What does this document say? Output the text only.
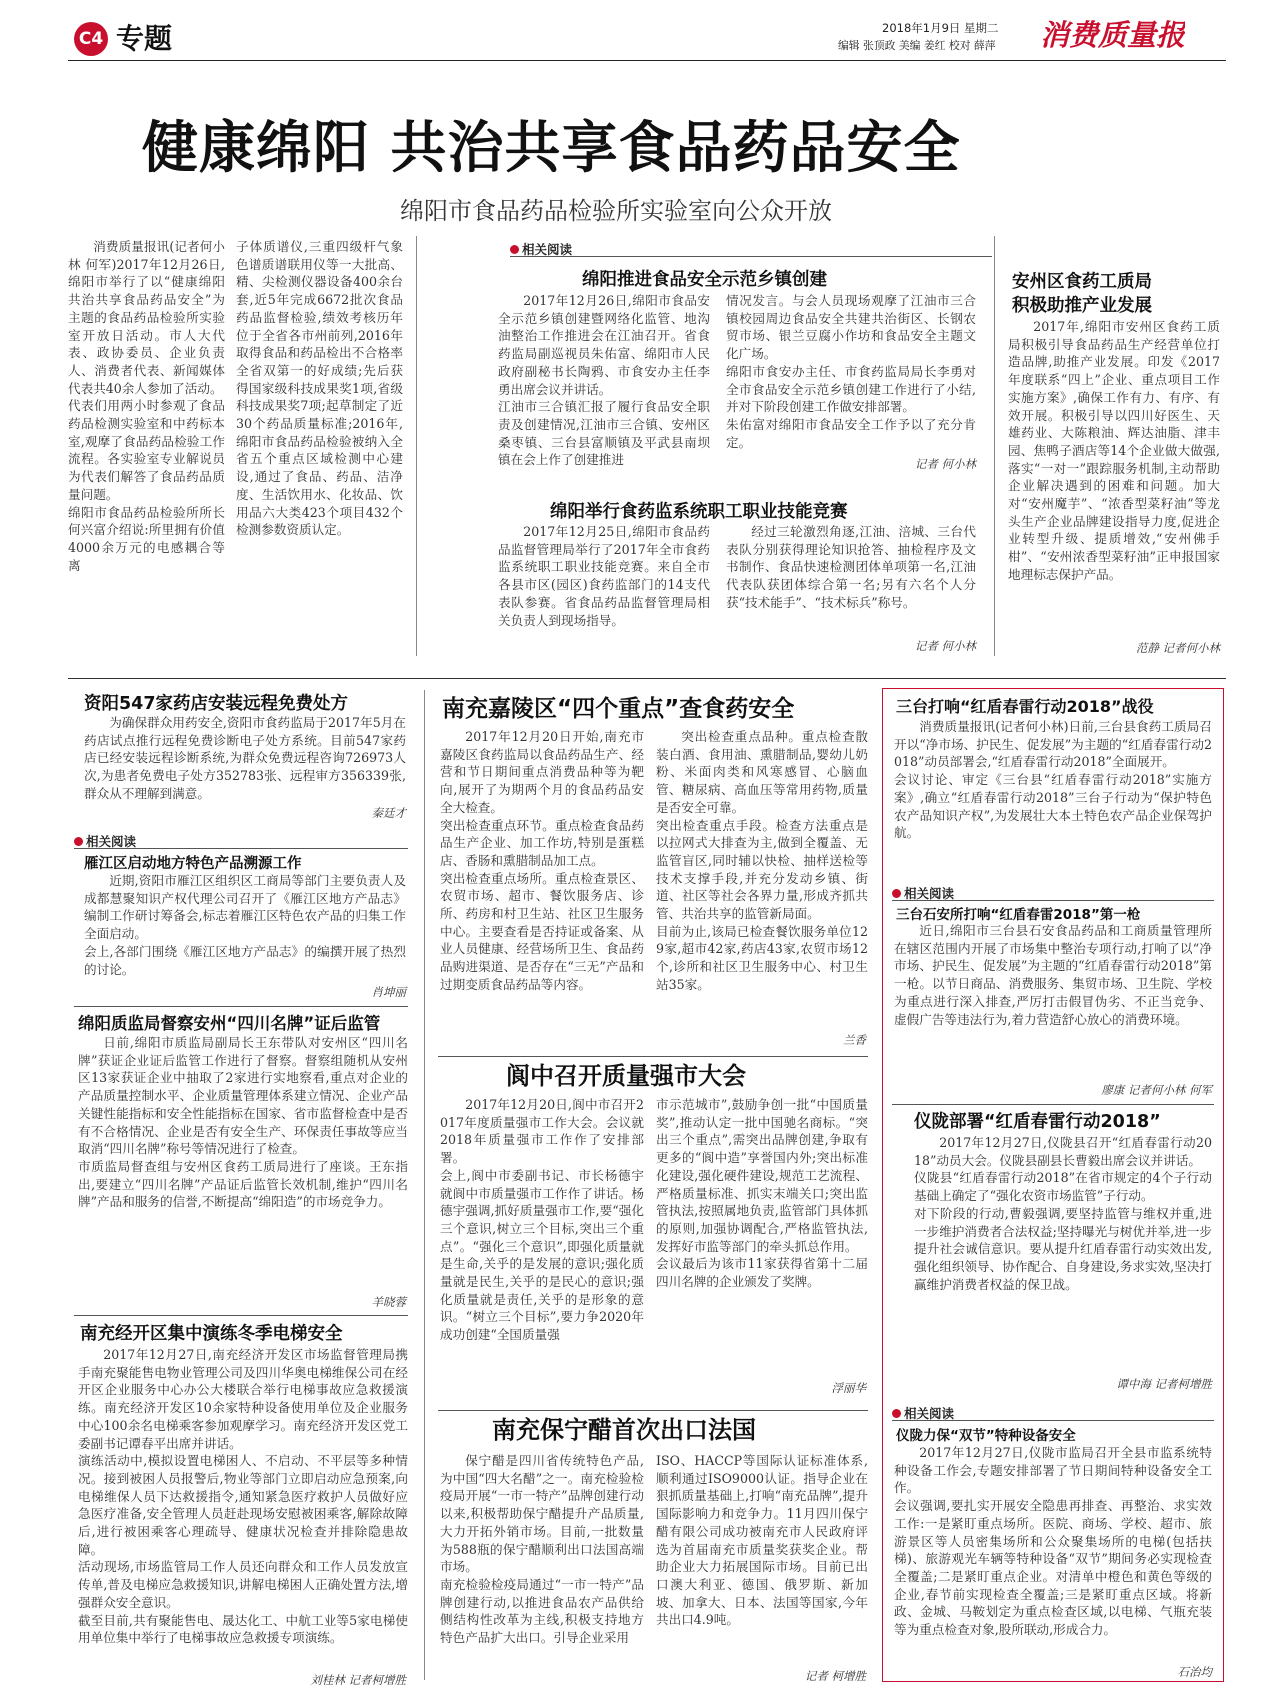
C4 专题	2018年1月9日 星期二
编辑 张顶政 美编 姜红 校对 薛萍	消费质量报
健康绵阳 共治共享食品药品安全
绵阳市食品药品检验所实验室向公众开放
消费质量报讯(记者何小林 何军)2017年12月26日,绵阳市举行了以“健康绵阳 共治共享食品药品安全”为主题的食品药品检验所实验室开放日活动。市人大代表、政协委员、企业负责人、消费者代表、新闻媒体代表共40余人参加了活动。
代表们用两小时参观了食品药品检测实验室和中药标本室,观摩了食品药品检验工作流程。各实验室专业解说员为代表们解答了食品药品质量问题。
绵阳市食品药品检验所所长何兴富介绍说:所里拥有价值4000余万元的电感耦合等离
子体质谱仪,三重四级杆气象色谱质谱联用仪等一大批高、精、尖检测仪器设备400余台套,近5年完成6672批次食品药品监督检验,绩效考核历年位于全省各市州前列,2016年取得食品和药品检出不合格率全省双第一的好成绩;先后获得国家级科技成果奖1项,省级科技成果奖7项;起草制定了近30个药品质量标准;2016年,绵阳市食品药品检验被纳入全省五个重点区域检测中心建设,通过了食品、药品、洁净度、生活饮用水、化妆品、饮用品六大类423个项目432个检测参数资质认定。
相关阅读
绵阳推进食品安全示范乡镇创建
2017年12月26日,绵阳市食品安全示范乡镇创建暨网络化监管、地沟油整治工作推进会在江油召开。省食药监局副巡视员朱佑富、绵阳市人民政府副秘书长陶鸦、市食安办主任李勇出席会议并讲话。
江油市三合镇汇报了履行食品安全职责及创建情况,江油市三合镇、安州区桑枣镇、三台县富顺镇及平武县南坝镇在会上作了创建推进
情况发言。与会人员现场观摩了江油市三合镇校园周边食品安全共建共治街区、长钢农贸市场、银兰豆腐小作坊和食品安全主题文化广场。
绵阳市食安办主任、市食药监局局长李勇对全市食品安全示范乡镇创建工作进行了小结,并对下阶段创建工作做安排部署。
朱佑富对绵阳市食品安全工作予以了充分肯定。
记者 何小林
绵阳举行食药监系统职工职业技能竞赛
2017年12月25日,绵阳市食品药品监督管理局举行了2017年全市食药监系统职工职业技能竞赛。来自全市各县市区(园区)食药监部门的14支代表队参赛。省食品药品监督管理局相关负责人到现场指导。
经过三轮激烈角逐,江油、涪城、三台代表队分别获得理论知识抢答、抽检程序及文书制作、食品快速检测团体单项第一名,江油代表队获团体综合第一名;另有六名个人分获“技术能手”、“技术标兵”称号。
记者 何小林
安州区食药工质局
积极助推产业发展
2017年,绵阳市安州区食药工质局积极引导食品药品生产经营单位打造品牌,助推产业发展。印发《2017年度联系“四上”企业、重点项目工作实施方案》,确保工作有力、有序、有效开展。积极引导以四川好医生、天雄药业、大陈粮油、辉达油脂、津丰园、焦鸭子酒店等14个企业做大做强,落实“一对一”跟踪服务机制,主动帮助企业解决遇到的困难和问题。加大对“安州魔芋”、“浓香型菜籽油”等龙头生产企业品牌建设指导力度,促进企业转型升级、提质增效,“安州佛手柑”、“安州浓香型菜籽油”正申报国家地理标志保护产品。
范静 记者何小林
资阳547家药店安装远程免费处方
为确保群众用药安全,资阳市食药监局于2017年5月在药店试点推行远程免费诊断电子处方系统。目前547家药店已经安装远程诊断系统,为群众免费远程咨询726973人次,为患者免费电子处方352783张、远程审方356339张,群众从不理解到满意。
秦廷才
相关阅读
雁江区启动地方特色产品溯源工作
近期,资阳市雁江区组织区工商局等部门主要负责人及成都慧聚知识产权代理公司召开了《雁江区地方产品志》编制工作研讨筹备会,标志着雁江区特色农产品的归集工作全面启动。
会上,各部门围绕《雁江区地方产品志》的编撰开展了热烈的讨论。
肖坤丽
绵阳质监局督察安州“四川名牌”证后监管
日前,绵阳市质监局副局长王东带队对安州区“四川名牌”获证企业证后监管工作进行了督察。督察组随机从安州区13家获证企业中抽取了2家进行实地察看,重点对企业的产品质量控制水平、企业质量管理体系建立情况、企业产品关键性能指标和安全性能指标在国家、省市监督检查中是否有不合格情况、企业是否有安全生产、环保责任事故等应当取消“四川名牌”称号等情况进行了检查。
市质监局督查组与安州区食药工质局进行了座谈。王东指出,要建立“四川名牌”产品证后监管长效机制,维护“四川名牌”产品和服务的信誉,不断提高“绵阳造”的市场竞争力。
羊晓蓉
南充经开区集中演练冬季电梯安全
2017年12月27日,南充经济开发区市场监督管理局携手南充聚能售电物业管理公司及四川华奥电梯维保公司在经开区企业服务中心办公大楼联合举行电梯事故应急救援演练。南充经济开发区10余家特种设备使用单位及企业服务中心100余名电梯乘客参加观摩学习。南充经济开发区党工委副书记谭春平出席并讲话。
演练活动中,模拟设置电梯困人、不启动、不平层等多种情况。接到被困人员报警后,物业等部门立即启动应急预案,向电梯维保人员下达救援指令,通知紧急医疗救护人员做好应急医疗准备,安全管理人员赶赴现场安慰被困乘客,解除故障后,进行被困乘客心理疏导、健康状况检查并排除隐患故障。
活动现场,市场监管局工作人员还向群众和工作人员发放宣传单,普及电梯应急救援知识,讲解电梯困人正确处置方法,增强群众安全意识。
截至目前,共有聚能售电、晟达化工、中航工业等5家电梯使用单位集中举行了电梯事故应急救援专项演练。
刘桂林 记者柯增胜
南充嘉陵区“四个重点”查食药安全
2017年12月20日开始,南充市嘉陵区食药监局以食品药品生产、经营和节日期间重点消费品种等为靶向,展开了为期两个月的食品药品安全大检查。
突出检查重点环节。重点检查食品药品生产企业、加工作坊,特别是蛋糕店、香肠和熏腊制品加工点。
突出检查重点场所。重点检查景区、农贸市场、超市、餐饮服务店、诊所、药房和村卫生站、社区卫生服务中心。主要查看是否持证或备案、从业人员健康、经营场所卫生、食品药品购进渠道、是否存在“三无”产品和过期变质食品药品等内容。
突出检查重点品种。重点检查散装白酒、食用油、熏腊制品,婴幼儿奶粉、米面肉类和风寒感冒、心脑血管、糖尿病、高血压等常用药物,质量是否安全可靠。
突出检查重点手段。检查方法重点是以拉网式大排查为主,做到全覆盖、无监管盲区,同时辅以快检、抽样送检等技术支撑手段,并充分发动乡镇、街道、社区等社会各界力量,形成齐抓共管、共治共享的监管新局面。
目前为止,该局已检查餐饮服务单位129家,超市42家,药店43家,农贸市场12个,诊所和社区卫生服务中心、村卫生站35家。
兰香
阆中召开质量强市大会
2017年12月20日,阆中市召开2017年度质量强市工作大会。会议就2018年质量强市工作作了安排部署。
会上,阆中市委副书记、市长杨德宇就阆中市质量强市工作作了讲话。杨德宇强调,抓好质量强市工作,要“强化三个意识,树立三个目标,突出三个重点”。“强化三个意识”,即强化质量就是生命,关乎的是发展的意识;强化质量就是民生,关乎的是民心的意识;强化质量就是责任,关乎的是形象的意识。“树立三个目标”,要力争2020年成功创建“全国质量强
市示范城市”,鼓励争创一批“中国质量奖”,推动认定一批中国驰名商标。“突出三个重点”,需突出品牌创建,争取有更多的“阆中造”享誉国内外;突出标准化建设,强化硬件建设,规范工艺流程、严格质量标准、抓实末端关口;突出监管执法,按照属地负责,监管部门具体抓的原则,加强协调配合,严格监管执法,发挥好市监等部门的牵头抓总作用。
会议最后为该市11家获得省第十二届四川名牌的企业颁发了奖牌。
浮丽华
南充保宁醋首次出口法国
保宁醋是四川省传统特色产品,为中国“四大名醋”之一。南充检验检疫局开展“一市一特产”品牌创建行动以来,积极帮助保宁醋提升产品质量,大力开拓外销市场。目前,一批数量为588瓶的保宁醋顺利出口法国高端市场。
南充检验检疫局通过“一市一特产”品牌创建行动,以推进食品农产品供给侧结构性改革为主线,积极支持地方特色产品扩大出口。引导企业采用
ISO、HACCP等国际认证标准体系,顺利通过ISO9000认证。指导企业在狠抓质量基础上,打响“南充品牌”,提升国际影响力和竞争力。11月四川保宁醋有限公司成功被南充市人民政府评选为首届南充市质量奖获奖企业。帮助企业大力拓展国际市场。目前已出口澳大利亚、德国、俄罗斯、新加坡、加拿大、日本、法国等国家,今年共出口4.9吨。
记者 柯增胜
三台打响“红盾春雷行动2018”战役
消费质量报讯(记者何小林)日前,三台县食药工质局召开以“净市场、护民生、促发展”为主题的“红盾春雷行动2018”动员部署会,“红盾春雷行动2018”全面展开。
会议讨论、审定《三台县“红盾春雷行动2018”实施方案》,确立“红盾春雷行动2018”三台子行动为“保护特色农产品知识产权”,为发展壮大本土特色农产品企业保驾护航。
相关阅读
三台石安所打响“红盾春雷2018”第一枪
近日,绵阳市三台县石安食品药品和工商质量管理所在辖区范围内开展了市场集中整治专项行动,打响了以“净市场、护民生、促发展”为主题的“红盾春雷行动2018”第一枪。以节日商品、消费服务、集贸市场、卫生院、学校为重点进行深入排查,严厉打击假冒伪劣、不正当竞争、虚假广告等违法行为,着力营造舒心放心的消费环境。
廖康 记者何小林 何军
仪陇部署“红盾春雷行动2018”
2017年12月27日,仪陇县召开“红盾春雷行动2018”动员大会。仪陇县副县长曹毅出席会议并讲话。
仪陇县“红盾春雷行动2018”在省市规定的4个子行动基础上确定了“强化农资市场监管”子行动。
对下阶段的行动,曹毅强调,要坚持监管与维权并重,进一步维护消费者合法权益;坚持曝光与树优并举,进一步提升社会诚信意识。要从提升红盾春雷行动实效出发,强化组织领导、协作配合、自身建设,务求实效,坚决打赢维护消费者权益的保卫战。
谭中海 记者柯增胜
相关阅读
仪陇力保“双节”特种设备安全
2017年12月27日,仪陇市监局召开全县市监系统特种设备工作会,专题安排部署了节日期间特种设备安全工作。
会议强调,要扎实开展安全隐患再排查、再整治、求实效工作:一是紧盯重点场所。医院、商场、学校、超市、旅游景区等人员密集场所和公众聚集场所的电梯(包括扶梯)、旅游观光车辆等特种设备“双节”期间务必实现检查全覆盖;二是紧盯重点企业。对清单中橙色和黄色等级的企业,春节前实现检查全覆盖;三是紧盯重点区域。将新政、金城、马鞍划定为重点检查区域,以电梯、气瓶充装等为重点检查对象,股所联动,形成合力。
石治均
